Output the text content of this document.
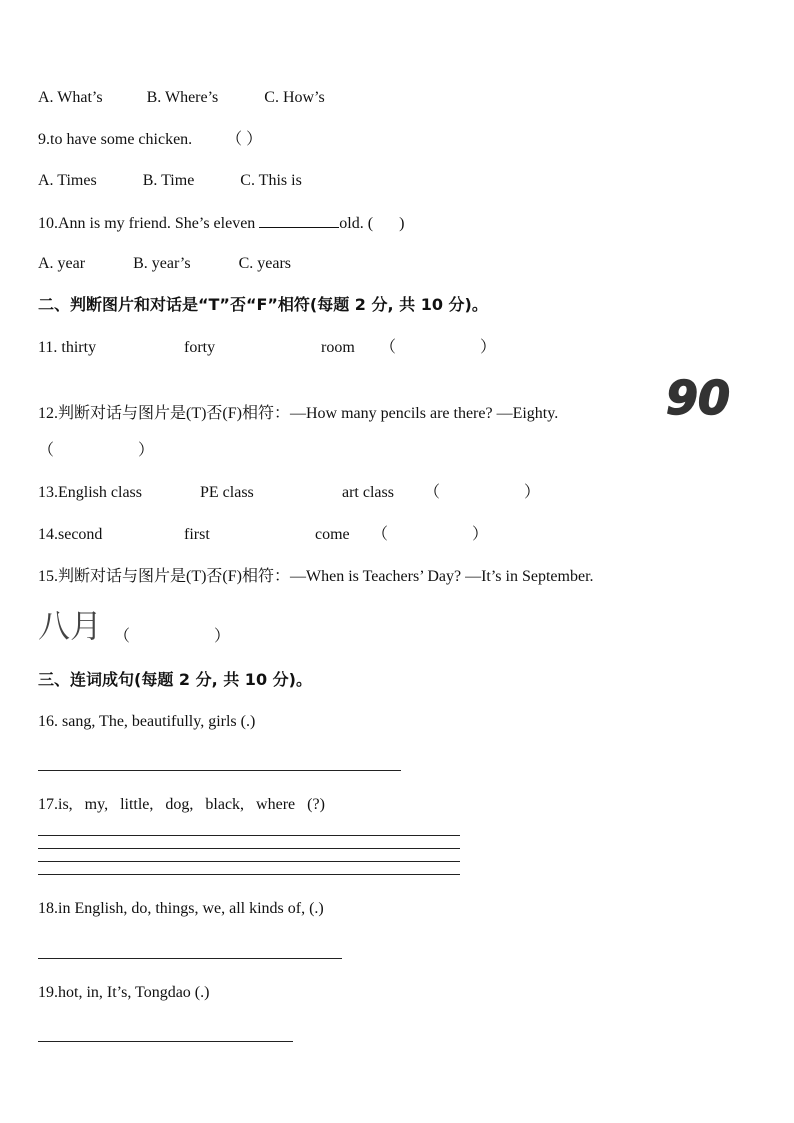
A. What’s	B. Where’s	C. How’s
9.to have some chicken. （ ）
A. Times	B. Time	C. This is
10.Ann is my friend. She’s eleven	old. ( )
A. year	B. year’s	C. years
二、判断图片和对话是“T”否“F”相符(每题 2 分, 共 10 分)。
11. thirty	forty	room （ ）
12.判断对话与图片是(T)否(F)相符：—How many pencils are there? —Eighty. 90
（ ）
13.English class	PE class	art class （ ）
14.second	first	come （ ）
15.判断对话与图片是(T)否(F)相符：—When is Teachers’ Day? —It’s in September.
八月 （ ）
三、连词成句(每题 2 分, 共 10 分)。
16. sang, The, beautifully, girls (.)
17.is, my, little, dog, black, where (?)
18.in English, do, things, we, all kinds of, (.)
19.hot, in, It’s, Tongdao (.)
